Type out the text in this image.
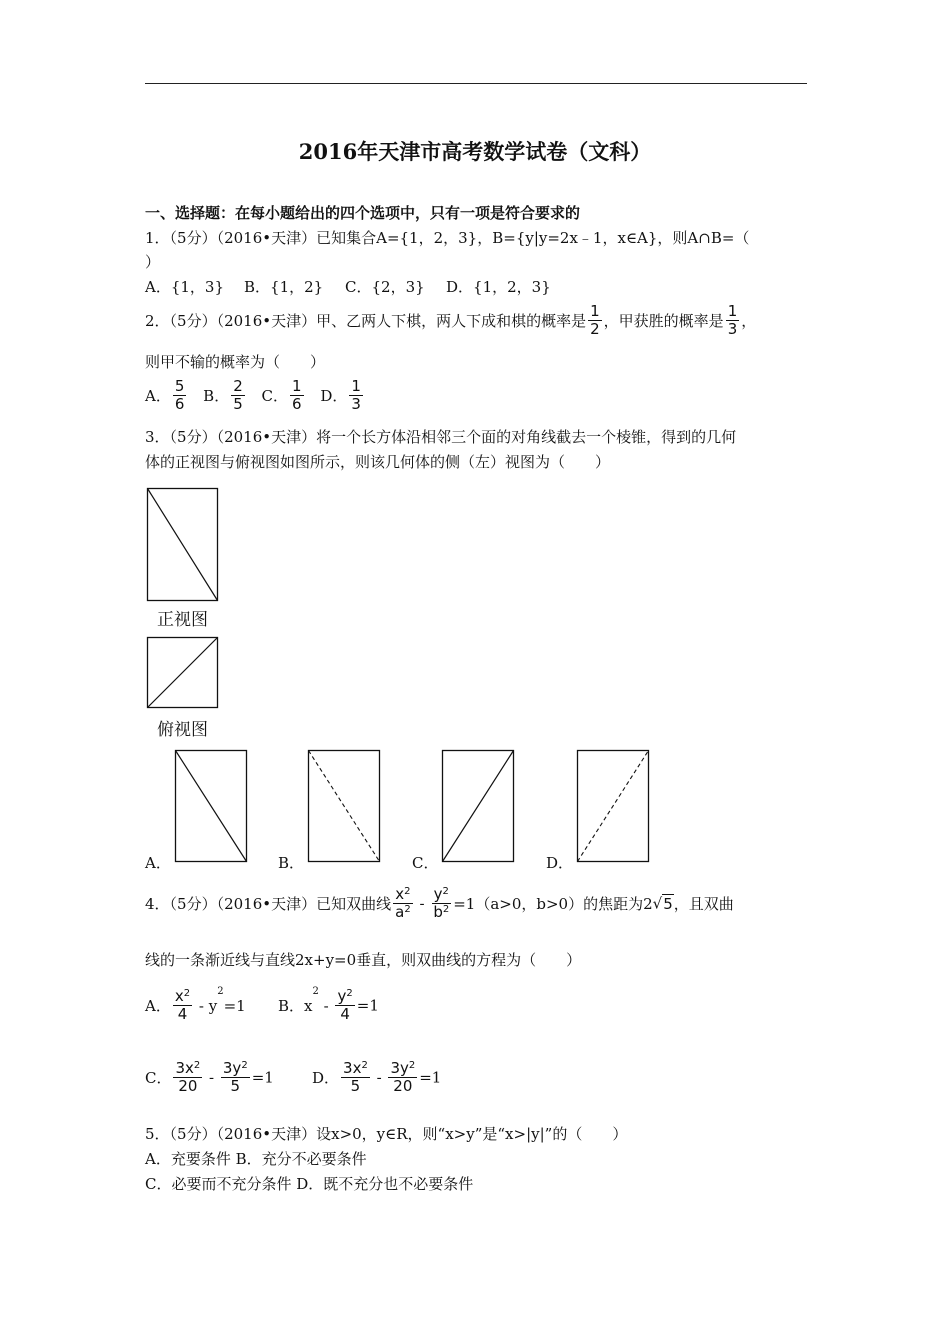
2016年天津市高考数学试卷（文科）
一、选择题：在每小题给出的四个选项中，只有一项是符合要求的
1．（5分）（2016•天津）已知集合A={1，2，3}，B={y|y=2x﹣1，x∈A}，则A∩B=（
）
A．{1，3} B．{1，2} C．{2，3} D．{1，2，3}
2．（5分）（2016•天津）甲、乙两人下棋，两人下成和棋的概率是 $\frac{1}{2}$ ，甲获胜的概率是 $\frac{1}{3}$ ，
则甲不输的概率为（　　）
A． $\frac{5}{6}$ B． $\frac{2}{5}$ C． $\frac{1}{6}$ D． $\frac{1}{3}$
3．（5分）（2016•天津）将一个长方体沿相邻三个面的对角线截去一个棱锥，得到的几何
体的正视图与俯视图如图所示，则该几何体的侧（左）视图为（　　）
正视图
俯视图
A．	B．	C．	D．
4．（5分）（2016•天津）已知双曲线 $\frac{x^2}{a^2} - \frac{y^2}{b^2} =1(a>0$，b>0）的焦距为2√5，且双曲
线的一条渐近线与直线2x+y=0垂直，则双曲线的方程为（　　）
A． $\frac{x^2}{4} - y^2=1$ B．$x^2 - \frac{y^2}{4} =1$
C． $\frac{3x^2}{20} - \frac{3y^2}{5} =1$	D． $\frac{3x^2}{5} - \frac{3y^2}{20} =1$
5．（5分）（2016•天津）设x>0，y∈R，则“x>y”是“x>|y|”的（　　）
A．充要条件 B．充分不必要条件
C．必要而不充分条件 D．既不充分也不必要条件
